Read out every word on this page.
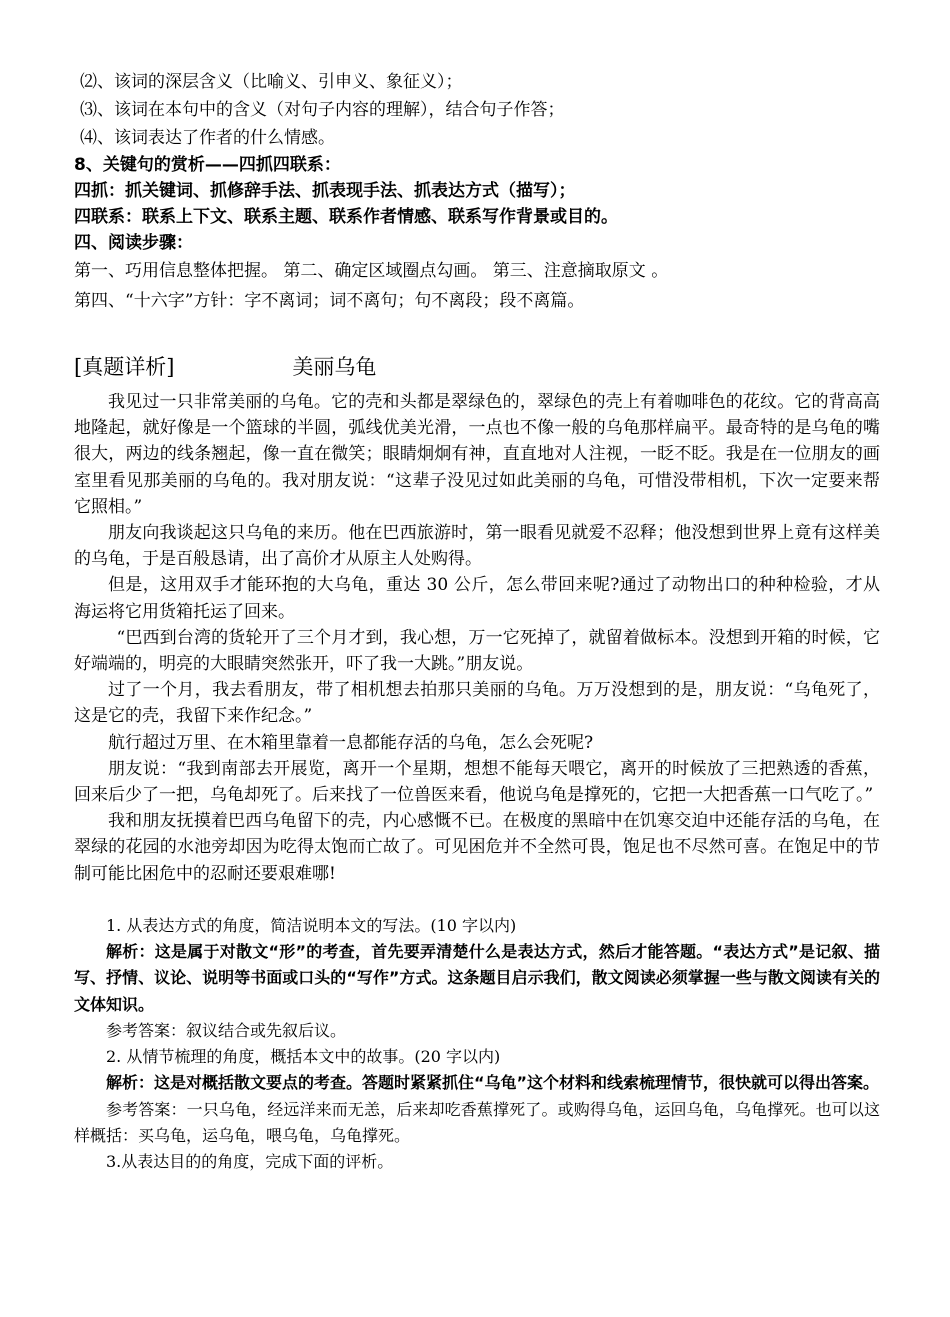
⑵、该词的深层含义（比喻义、引申义、象征义）；
⑶、该词在本句中的含义（对句子内容的理解），结合句子作答；
⑷、该词表达了作者的什么情感。
8、关键句的赏析——四抓四联系：
四抓：抓关键词、抓修辞手法、抓表现手法、抓表达方式（描写）；
四联系：联系上下文、联系主题、联系作者情感、联系写作背景或目的。
四、阅读步骤：
第一、巧用信息整体把握。 第二、确定区域圈点勾画。 第三、注意摘取原文 。
第四、“十六字”方针：字不离词；词不离句；句不离段；段不离篇。
[真题详析]	美丽乌龟

我见过一只非常美丽的乌龟。它的壳和头都是翠绿色的，翠绿色的壳上有着咖啡色的花纹。它的背高高地隆起，就好像是一个篮球的半圆，弧线优美光滑，一点也不像一般的乌龟那样扁平。最奇特的是乌龟的嘴很大，两边的线条翘起，像一直在微笑；眼睛炯炯有神，直直地对人注视，一眨不眨。我是在一位朋友的画室里看见那美丽的乌龟的。我对朋友说：“这辈子没见过如此美丽的乌龟，可惜没带相机，下次一定要来帮它照相。”

朋友向我谈起这只乌龟的来历。他在巴西旅游时，第一眼看见就爱不忍释；他没想到世界上竟有这样美的乌龟，于是百般恳请，出了高价才从原主人处购得。

但是，这用双手才能环抱的大乌龟，重达 30 公斤，怎么带回来呢?通过了动物出口的种种检验，才从海运将它用货箱托运了回来。

“巴西到台湾的货轮开了三个月才到，我心想，万一它死掉了，就留着做标本。没想到开箱的时候，它好端端的，明亮的大眼睛突然张开，吓了我一大跳。”朋友说。

过了一个月，我去看朋友，带了相机想去拍那只美丽的乌龟。万万没想到的是，朋友说：“乌龟死了，这是它的壳，我留下来作纪念。”

航行超过万里、在木箱里靠着一息都能存活的乌龟，怎么会死呢?

朋友说：“我到南部去开展览，离开一个星期，想想不能每天喂它，离开的时候放了三把熟透的香蕉，回来后少了一把，乌龟却死了。后来找了一位兽医来看，他说乌龟是撑死的，它把一大把香蕉一口气吃了。”

我和朋友抚摸着巴西乌龟留下的壳，内心感慨不已。在极度的黑暗中在饥寒交迫中还能存活的乌龟，在翠绿的花园的水池旁却因为吃得太饱而亡故了。可见困危并不全然可畏，饱足也不尽然可喜。在饱足中的节制可能比困危中的忍耐还要艰难哪!

1. 从表达方式的角度，简洁说明本文的写法。(10 字以内)

解析：这是属于对散文“形”的考查，首先要弄清楚什么是表达方式，然后才能答题。“表达方式”是记叙、描写、抒情、议论、说明等书面或口头的“写作”方式。这条题目启示我们，散文阅读必须掌握一些与散文阅读有关的文体知识。

参考答案：叙议结合或先叙后议。

2. 从情节梳理的角度，概括本文中的故事。(20 字以内)

解析：这是对概括散文要点的考查。答题时紧紧抓住“乌龟”这个材料和线索梳理情节，很快就可以得出答案。

参考答案：一只乌龟，经远洋来而无恙，后来却吃香蕉撑死了。或购得乌龟，运回乌龟，乌龟撑死。也可以这样概括：买乌龟，运乌龟，喂乌龟，乌龟撑死。

3.从表达目的的角度，完成下面的评析。
